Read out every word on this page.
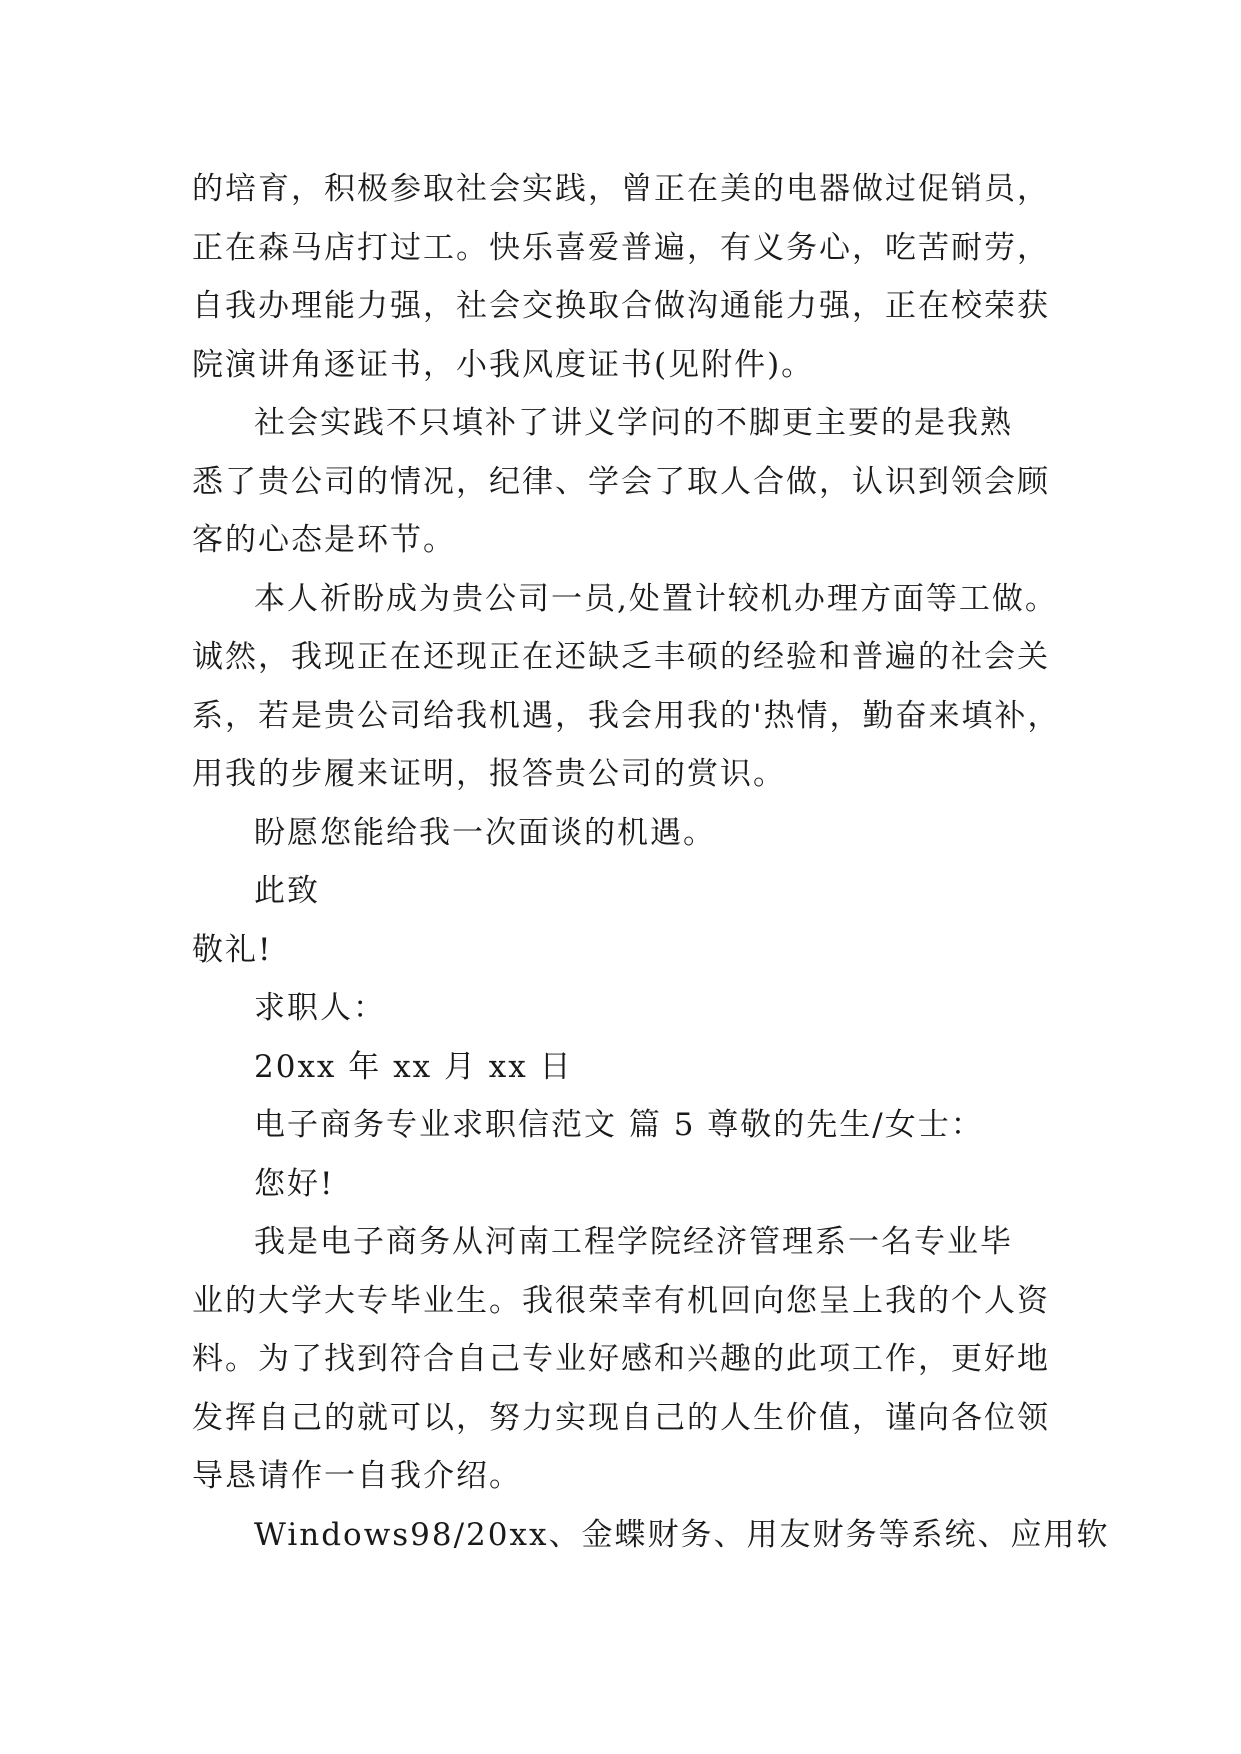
的培育，积极参取社会实践，曾正在美的电器做过促销员，
正在森马店打过工。快乐喜爱普遍，有义务心，吃苦耐劳，
自我办理能力强，社会交换取合做沟通能力强，正在校荣获
院演讲角逐证书，小我风度证书(见附件)。
社会实践不只填补了讲义学问的不脚更主要的是我熟
悉了贵公司的情况，纪律、学会了取人合做，认识到领会顾
客的心态是环节。
本人祈盼成为贵公司一员,处置计较机办理方面等工做。
诚然，我现正在还现正在还缺乏丰硕的经验和普遍的社会关
系，若是贵公司给我机遇，我会用我的'热情，勤奋来填补，
用我的步履来证明，报答贵公司的赏识。
盼愿您能给我一次面谈的机遇。
此致
敬礼!
求职人：
20xx 年 xx 月 xx 日
电子商务专业求职信范文 篇 5 尊敬的先生/女士：
您好!
我是电子商务从河南工程学院经济管理系一名专业毕
业的大学大专毕业生。我很荣幸有机回向您呈上我的个人资
料。为了找到符合自己专业好感和兴趣的此项工作，更好地
发挥自己的就可以，努力实现自己的人生价值，谨向各位领
导恳请作一自我介绍。
Windows98/20xx、金蝶财务、用友财务等系统、应用软
